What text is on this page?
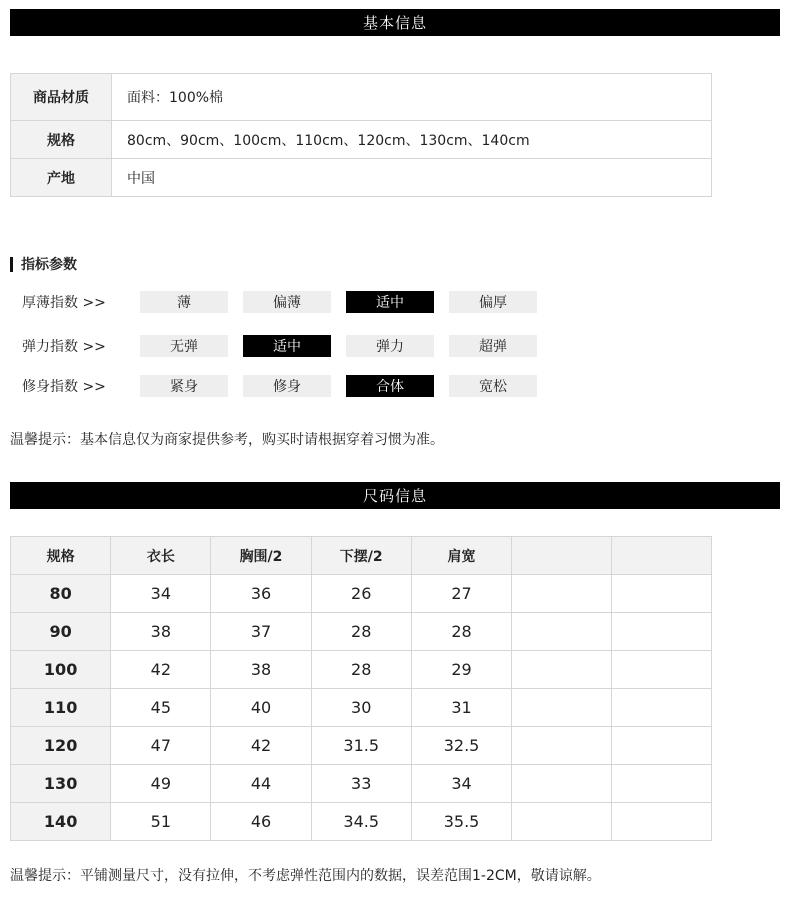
基本信息
商品材质	面料：100%棉
规格	80cm、90cm、100cm、110cm、120cm、130cm、140cm
产地	中国
指标参数
厚薄指数 >>	薄	偏薄	适中	偏厚
弹力指数 >>	无弹	适中	弹力	超弹
修身指数 >>	紧身	修身	合体	宽松
温馨提示：基本信息仅为商家提供参考，购买时请根据穿着习惯为准。
尺码信息
规格	衣长	胸围/2	下摆/2	肩宽		
80	34	36	26	27		
90	38	37	28	28		
100	42	38	28	29		
110	45	40	30	31		
120	47	42	31.5	32.5		
130	49	44	33	34		
140	51	46	34.5	35.5		
温馨提示：平铺测量尺寸，没有拉伸，不考虑弹性范围内的数据，误差范围1-2CM，敬请谅解。
